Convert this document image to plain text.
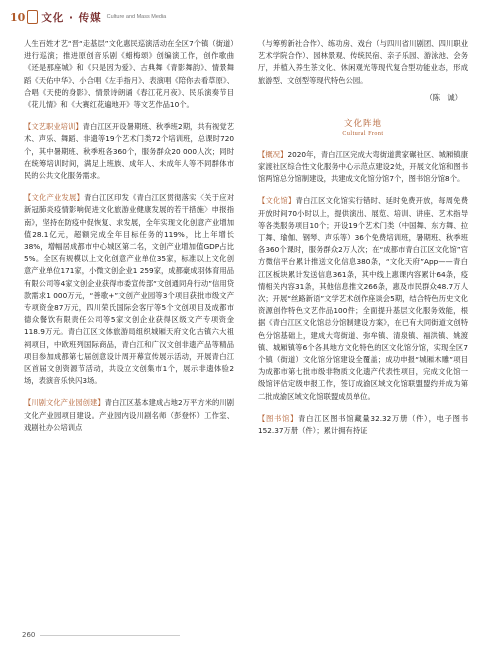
10 文化 · 传媒 Culture and Mass Media

人生百姓才艺“晋“走基层”文化惠民巡演活动在全区7个镇（街道）进行巡演；推进原创音乐剧《蜡梅颂》创编演工作，创作歌曲《还是那座城》和《只是因为爱》、古典舞《青影舞韵》、情景舞蹈《天佑中华》、小合唱《左手指月》、表演唱《陪你去看草原》、合唱《天使的身影》、情景诗朗诵《春江花月夜》、民乐演奏节目《花儿情》和《大赛红花遍地开》等文艺作品10个。

【文艺职业培训】青白江区开设暑期班、秋季班2期，共有视觉艺术、声乐、舞蹈、非遗等19个艺术门类72个培训班，总课时720个，其中暑期班、秋季班各360个，服务群众20 000人次；同时在统筹培训时间，满足上班族、成年人、未成年人等不同群体市民的公共文化服务需求。

【文化产业发展】青白江区印发《青白江区贯彻落实〈关于应对新冠肺炎疫情影响促进文化旅游业健康发展的若干措施〉申报指南》，坚持在防疫中促恢复、求发展，全年实现文化创意产业增加值28.1亿元，超额完成全年目标任务的119%，比上年增长38%，增幅居成都市中心城区第二名，文创产业增加值GDP占比5%。全区有规模以上文化创意产业单位35家，标准以上文化创意产业单位171家，小微文创企业1 259家，成都豪成羽体育用品有限公司等4家文创企业获得市委宣传部“文创通同舟行动”信用贷款需求1 000万元，“善歌+”文创产业园等3个项目获批市级文产专项资金87万元，四川荣氏国际会客厅等5个文创项目及成都市德众餐饮有限责任公司等5家文创企业获得区级文产专项资金118.9万元。青白江区文体旅游局组织城厢天府文化古镇六大祖祠项目，中欧班列国际商品，青白江和广汉文创非遗产品等精品项目参加成都第七届创意设计周开幕宣传展示活动，开展青白江区首届文创资源节活动，共设立文创集市1个，展示非遗体验2场，表演音乐快闪3场。

【川剧文化产业园创建】青白江区基本建成占地2万平方米的川剧文化产业园项目建设。产业园内设川剧名师（彭登怀）工作室、戏剧社办公培训点

（与筹剪新社合作）、练功房、戏台（与四川省川剧团、四川职业艺术学院合作）、园林景观、传统民宿、亲子乐园、游泳池、会务厅，并植入养生茶文化、休闲观光等现代复合型功能业态，形成旅游型、文创型等现代特色公园。

（陈　诚）
文化阵地
Cultural Front

【概况】2020年，青白江区完成大弯街道黄家碾社区、城厢镇康家渡社区综合性文化服务中心示范点建设2处，开展文化馆和图书馆两馆总分馆制建设，共建成文化馆分馆7个，图书馆分馆8个。

【文化馆】青白江区文化馆实行错时、延时免费开放，每周免费开放时间70小时以上，提供演出、展览、培训、讲座、艺术指导等各类服务项目10个；开设19个艺术门类（中国舞、东方舞、拉丁舞、瑜伽、钢琴、声乐等）36个免费培训班，暑期班、秋季班各360个课时，服务群众2万人次；在“成都市青白江区文化馆”官方微信平台累计推送文化信息380条，“文化天府”App——青白江区板块累计发送信息361条，其中线上惠课内容累计64条，疫情相关内容31条，其他信息推文266条，惠及市民群众48.7万人次；开展“丝路新语”文学艺术创作座谈会5期，结合特色历史文化资源创作特色文艺作品100件；全面提升基层文化服务效能，根据《青白江区文化馆总分馆制建设方案》，在已有大同街道文创特色分馆基础上，建成大弯街道、弥牟镇、清泉镇、福洪镇、姚渡镇、城厢镇等6个各具地方文化特色的区文化馆分馆，实现全区7个镇（街道）文化馆分馆建设全覆盖；成功申报“城厢木雕”项目为成都市第七批市级非物质文化遗产代表性项目，完成文化馆一级馆评估定级申报工作，签订成渝区域文化馆联盟盟约并成为第二批成渝区域文化馆联盟成员单位。

【图书馆】青白江区图书馆藏量32.32万册（件），电子图书152.37万册（件）；累计拥有持证

260
